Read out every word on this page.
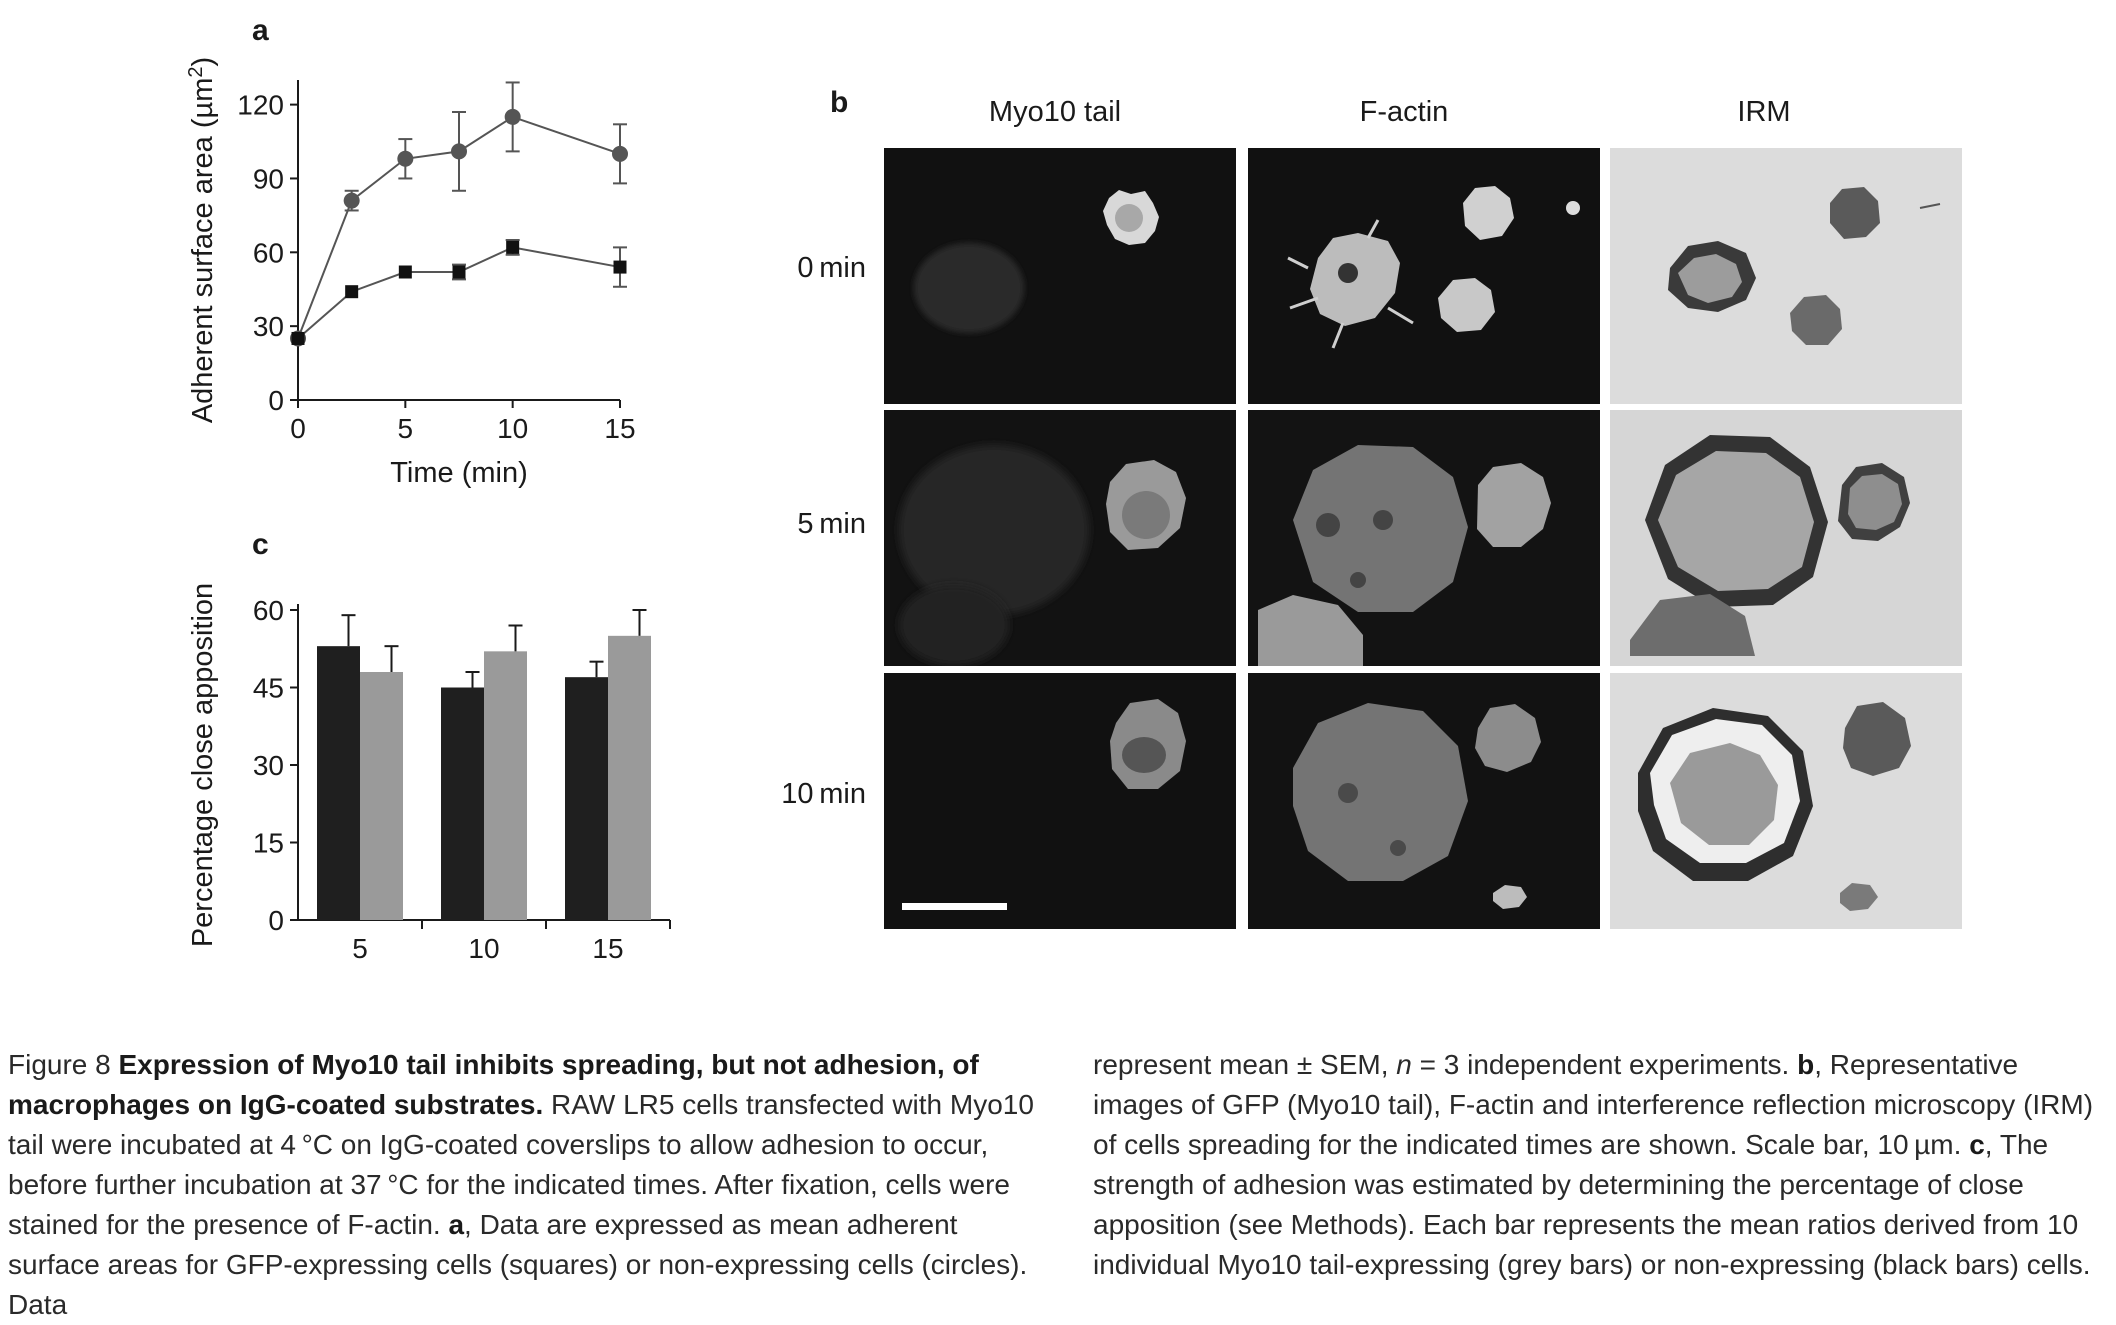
a
b
c
0
30
60
90
120
0	5	10	15
Time (min)
Adherent surface area (µm$^2$)
0
15
30
45
60
5	10	15
Percentage close apposition
Myo10 tail	F-actin	IRM
0 min
5 min
10 min
Figure 8 Expression of Myo10 tail inhibits spreading, but not adhesion, of macrophages on IgG-coated substrates. RAW LR5 cells transfected with Myo10 tail were incubated at 4 °C on IgG-coated coverslips to allow adhesion to occur, before further incubation at 37 °C for the indicated times. After fixation, cells were stained for the presence of F-actin. a, Data are expressed as mean adherent surface areas for GFP-expressing cells (squares) or non-expressing cells (circles). Data
represent mean ± SEM, n = 3 independent experiments. b, Representative images of GFP (Myo10 tail), F-actin and interference reflection microscopy (IRM) of cells spreading for the indicated times are shown. Scale bar, 10 µm. c, The strength of adhesion was estimated by determining the percentage of close apposition (see Methods). Each bar represents the mean ratios derived from 10 individual Myo10 tail-expressing (grey bars) or non-expressing (black bars) cells.
